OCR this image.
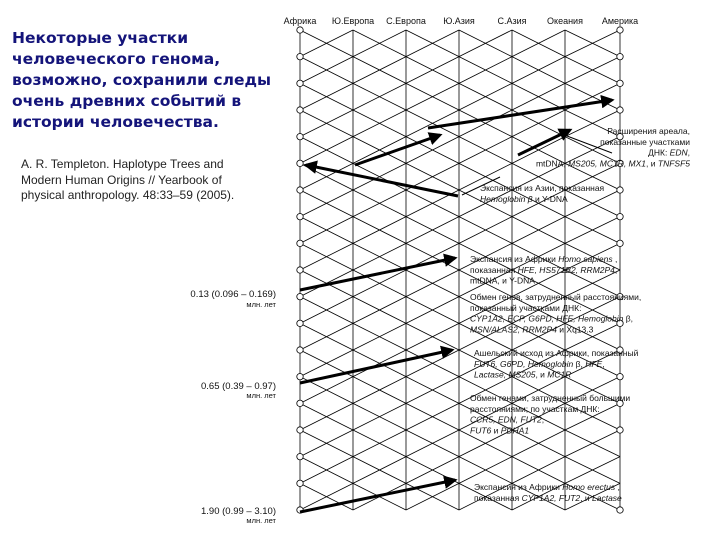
Некоторые участки человеческого генома, возможно, сохранили следы очень древних событий в истории человечества.
A. R. Templeton. Haplotype Trees and Modern Human Origins // Yearbook of physical anthropology. 48:33–59 (2005).
Африка Ю.Европа С.Европа Ю.Азия	С.Азия Океания Америка
0.13 (0.096 – 0.169)
млн. лет
0.65 (0.39 – 0.97)
млн. лет
1.90 (0.99 – 3.10)
млн. лет
Расширения ареала,
показанные участками
ДНК: EDN,
mtDNA, MS205, MC1R, MX1, и TNFSF5
Экспансия из Азии, показанная
Hemoglobin β и Y-DNA
Экспансия из Африки Homo sapiens ,
показанная HFE, HS571B2, RRM2P4,
mtDNA, и Y-DNA
Обмен генов, затрудненный расстояниями,
показанный участками ДНК:
CYP1A2, ECP, G6PD, HFE, Hemoglobin β,
MSN/ALAS2, RRM2P4 и Xq13.3
Ашельский исход из Африки, показанный
FUT6, G6PD, Hemoglobin β, HFE,
Lactase, MS205, и MC1R
Обмен генами, затрудненный большими
расстояниями; по участкам ДНК:
CCR5, EDN, FUT2,
FUT6 и PDHA1
Экспансия из Африки Homo erectus ,
показанная CYP1A2, FUT2, и Lactase
